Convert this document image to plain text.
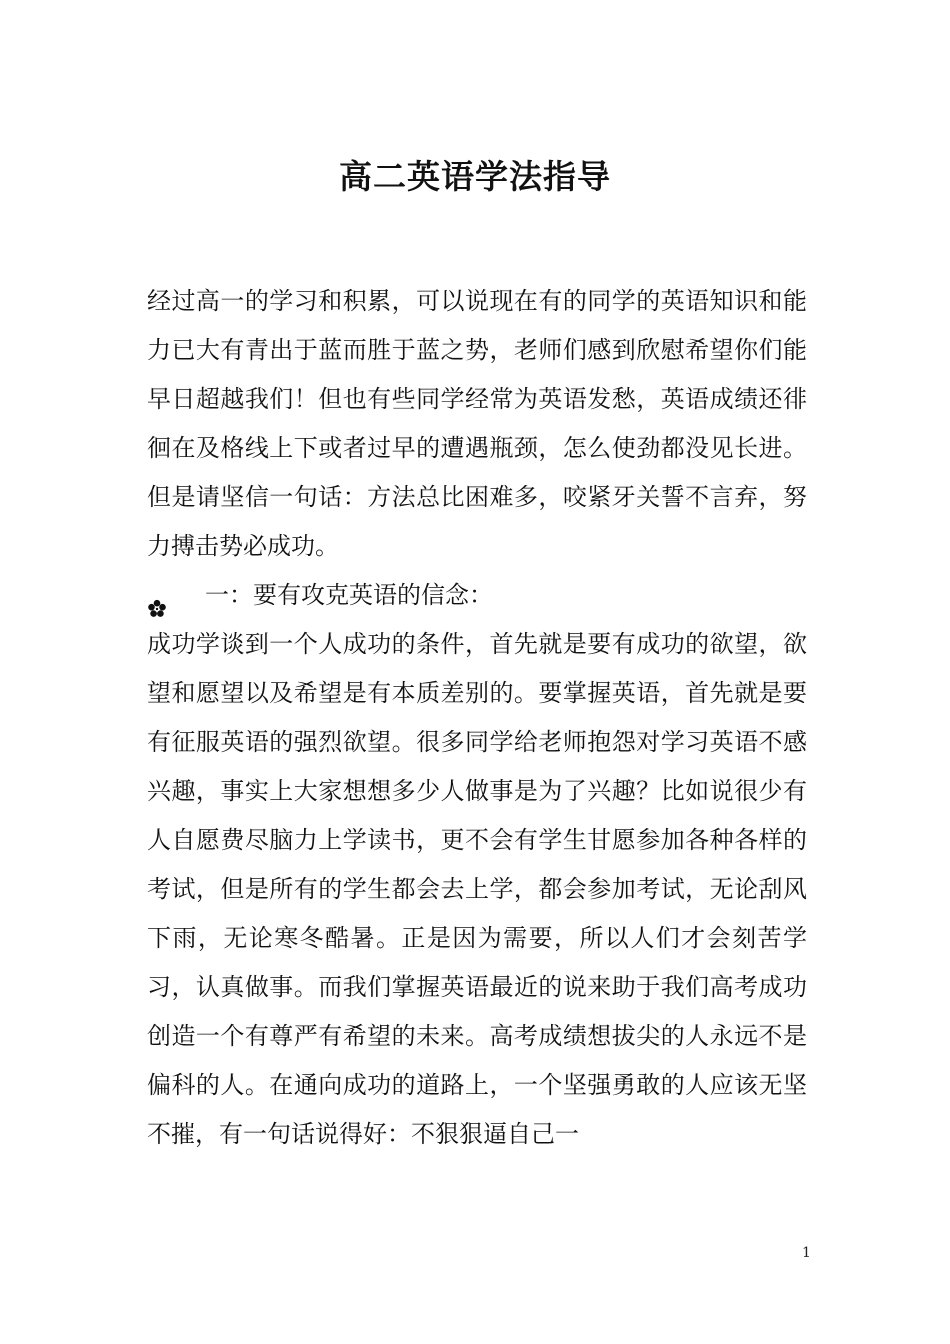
高二英语学法指导

经过高一的学习和积累，可以说现在有的同学的英语知识和能力已大有青出于蓝而胜于蓝之势，老师们感到欣慰希望你们能早日超越我们！但也有些同学经常为英语发愁，英语成绩还徘徊在及格线上下或者过早的遭遇瓶颈，怎么使劲都没见长进。但是请坚信一句话：方法总比困难多，咬紧牙关誓不言弃，努力搏击势必成功。

一：要有攻克英语的信念：

成功学谈到一个人成功的条件，首先就是要有成功的欲望，欲望和愿望以及希望是有本质差别的。要掌握英语，首先就是要有征服英语的强烈欲望。很多同学给老师抱怨对学习英语不感兴趣，事实上大家想想多少人做事是为了兴趣？比如说很少有人自愿费尽脑力上学读书，更不会有学生甘愿参加各种各样的考试，但是所有的学生都会去上学，都会参加考试，无论刮风下雨，无论寒冬酷暑。正是因为需要，所以人们才会刻苦学习，认真做事。而我们掌握英语最近的说来助于我们高考成功创造一个有尊严有希望的未来。高考成绩想拔尖的人永远不是偏科的人。在通向成功的道路上，一个坚强勇敢的人应该无坚不摧，有一句话说得好：不狠狠逼自己一

1
